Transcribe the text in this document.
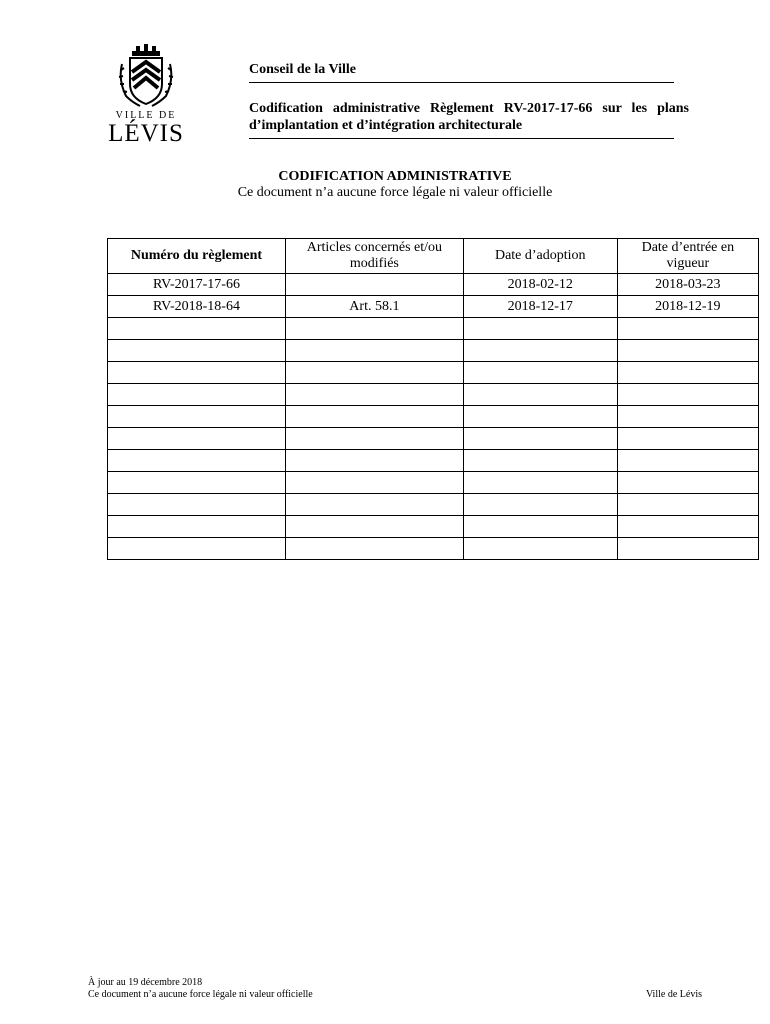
VILLE DE
LÉVIS
Conseil de la Ville
Codification administrative Règlement RV-2017-17-66 sur les plans d’implantation et d’intégration architecturale
CODIFICATION ADMINISTRATIVE
Ce document n’a aucune force légale ni valeur officielle
Numéro du règlement	Articles concernés et/ou modifiés	Date d’adoption	Date d’entrée en vigueur
RV-2017-17-66		2018-02-12	2018-03-23
RV-2018-18-64	Art. 58.1	2018-12-17	2018-12-19

À jour au 19 décembre 2018
Ce document n’a aucune force légale ni valeur officielle	Ville de Lévis
